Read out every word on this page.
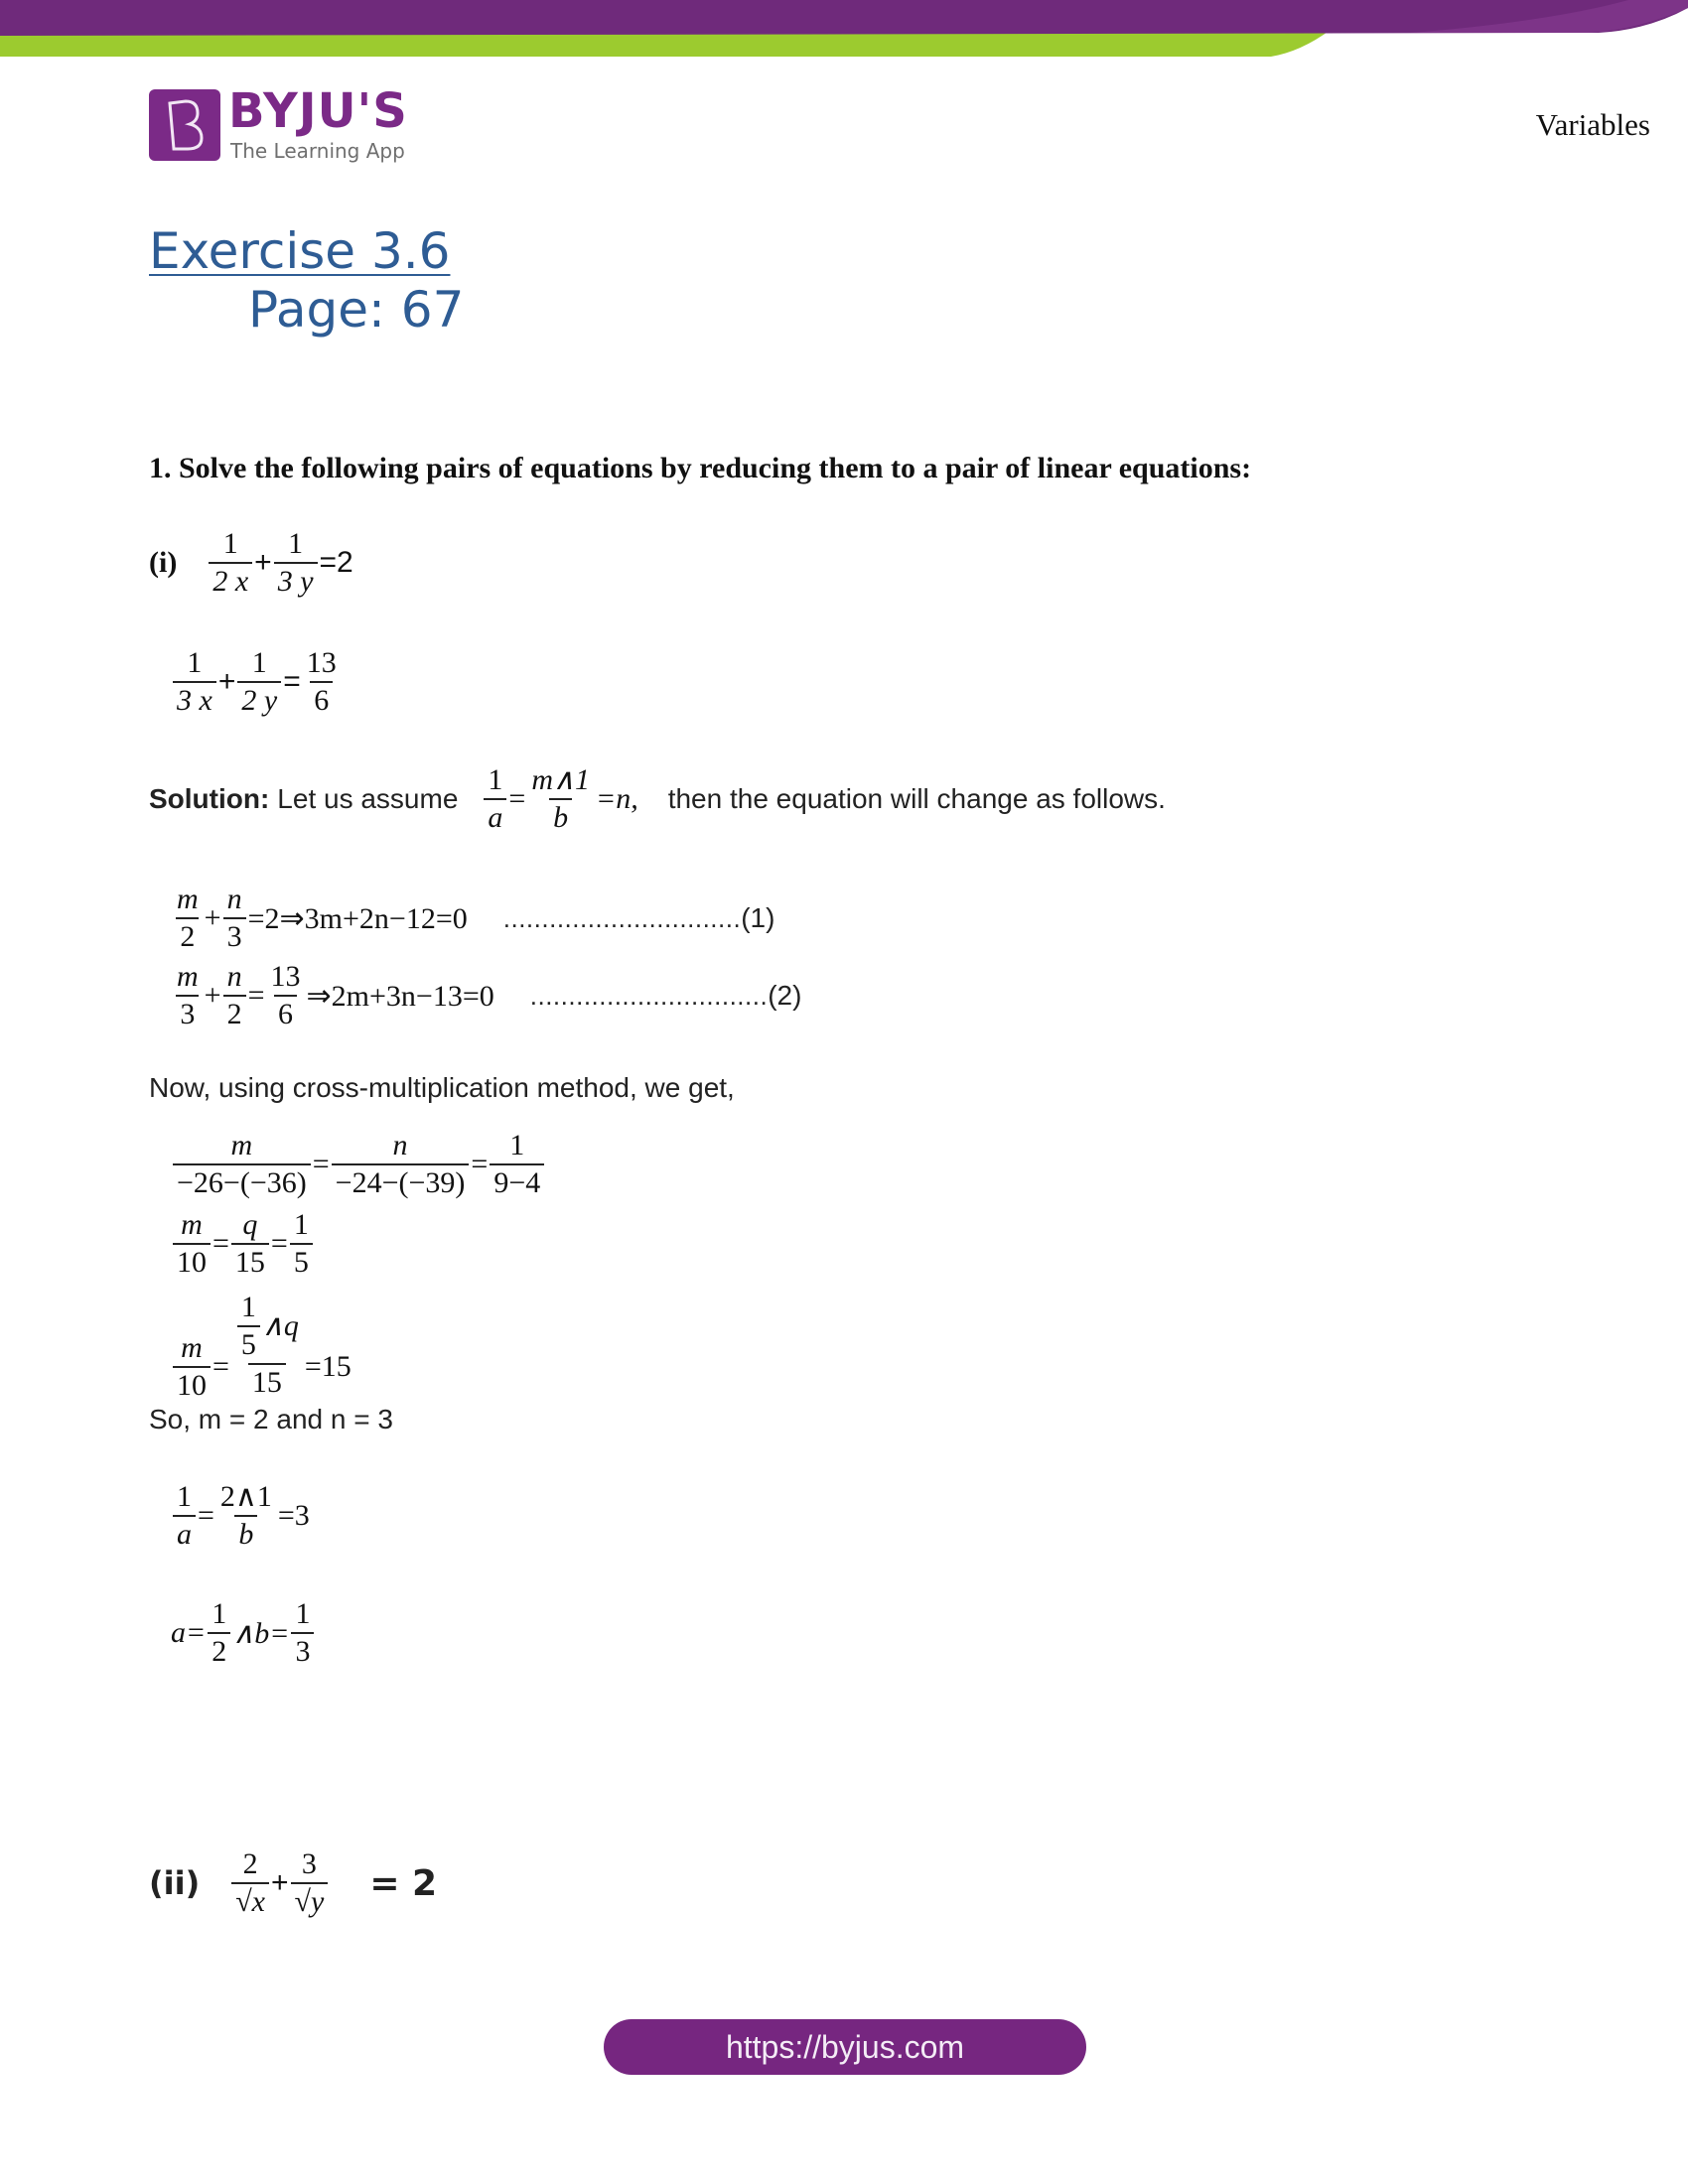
BYJU'S
The Learning App
Variables
Exercise 3.6
Page: 67
1. Solve the following pairs of equations by reducing them to a pair of linear equations:
$(i) \frac{1}{2 x} + \frac{1}{3 y} =2$
$\frac{1}{3 x} + \frac{1}{2 y} = \frac{13}{6}$
Solution: Let us assume $\frac{1}{a} = \frac{m\wedge 1}{b} =n$, then the equation will change as follows.
$\frac{m}{2} + \frac{n}{3}$ =2⇒3m+2n−12=0 ............................... (1)
$\frac{m}{3} + \frac{n}{2} = \frac{13}{6}$ ⇒2m+3n−13=0 ............................... (2)
Now, using cross-multiplication method, we get,
$\frac{m}{-26-(-36)} = \frac{n}{-24-(-39)} = \frac{1}{9-4}$
$\frac{m}{10} = \frac{q}{15} = \frac{1}{5}$
$\frac{m}{10} = \frac{\frac{1}{5} \wedge q}{15} =15$
So, m = 2 and n = 3
$\frac{1}{a} = \frac{2\wedge 1}{b} =3$
$a= \frac{1}{2}$ ∧b= $\frac{1}{3}$
$(ii) \frac{2}{√ x} + \frac{3}{√ y} = 2$
https://byjus.com
